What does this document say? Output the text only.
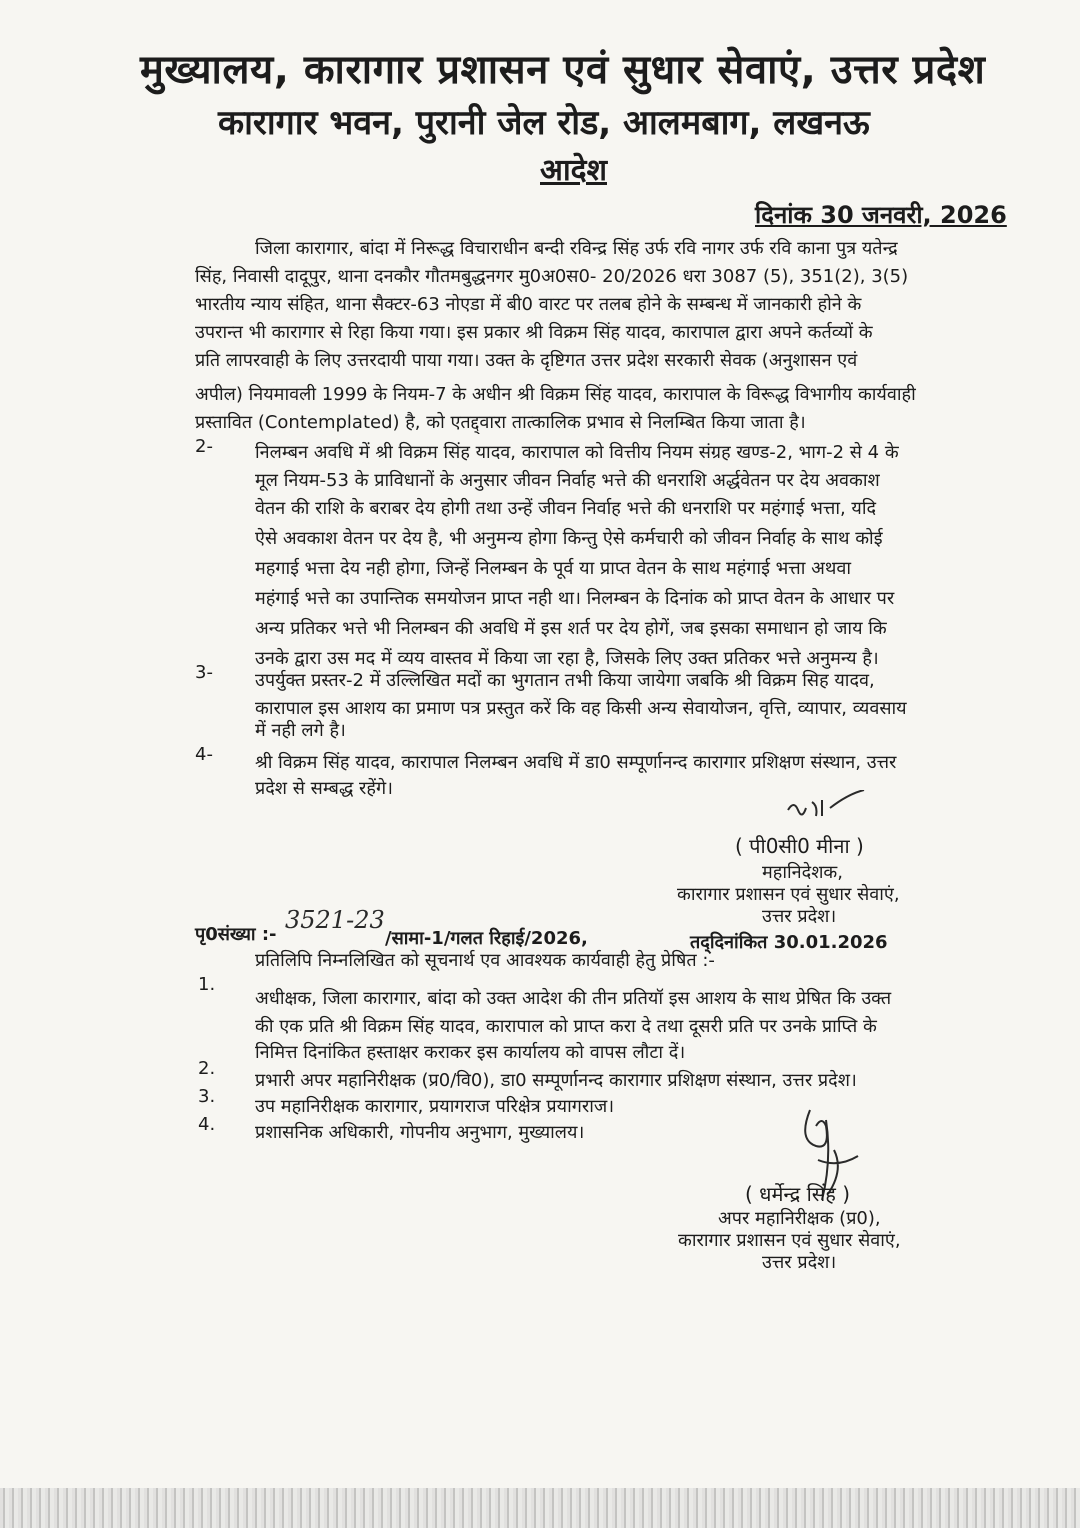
मुख्यालय, कारागार प्रशासन एवं सुधार सेवाएं, उत्तर प्रदेश
कारागार भवन, पुरानी जेल रोड, आलमबाग, लखनऊ
आदेश
दिनांक 30 जनवरी, 2026
जिला कारागार, बांदा में निरूद्ध विचाराधीन बन्दी रविन्द्र सिंह उर्फ रवि नागर उर्फ रवि काना पुत्र यतेन्द्र
सिंह, निवासी दादूपुर, थाना दनकौर गौतमबुद्धनगर मु0अ0स0- 20/2026 धरा 3087 (5), 351(2), 3(5)
भारतीय न्याय संहित, थाना सैक्टर-63 नोएडा में बी0 वारट पर तलब होने के सम्बन्ध में जानकारी होने के
उपरान्त भी कारागार से रिहा किया गया। इस प्रकार श्री विक्रम सिंह यादव, कारापाल द्वारा अपने कर्तव्यों के
प्रति लापरवाही के लिए उत्तरदायी पाया गया। उक्त के दृष्टिगत उत्तर प्रदेश सरकारी सेवक (अनुशासन एवं
अपील) नियमावली 1999 के नियम-7 के अधीन श्री विक्रम सिंह यादव, कारापाल के विरूद्ध विभागीय कार्यवाही
प्रस्तावित (Contemplated) है, को एतद्द्वारा तात्कालिक प्रभाव से निलम्बित किया जाता है।
2- निलम्बन अवधि में श्री विक्रम सिंह यादव, कारापाल को वित्तीय नियम संग्रह खण्ड-2, भाग-2 से 4 के
मूल नियम-53 के प्राविधानों के अनुसार जीवन निर्वाह भत्ते की धनराशि अर्द्धवेतन पर देय अवकाश
वेतन की राशि के बराबर देय होगी तथा उन्हें जीवन निर्वाह भत्ते की धनराशि पर महंगाई भत्ता, यदि
ऐसे अवकाश वेतन पर देय है, भी अनुमन्य होगा किन्तु ऐसे कर्मचारी को जीवन निर्वाह के साथ कोई
महगाई भत्ता देय नही होगा, जिन्हें निलम्बन के पूर्व या प्राप्त वेतन के साथ महंगाई भत्ता अथवा
महंगाई भत्ते का उपान्तिक समयोजन प्राप्त नही था। निलम्बन के दिनांक को प्राप्त वेतन के आधार पर
अन्य प्रतिकर भत्ते भी निलम्बन की अवधि में इस शर्त पर देय होगें, जब इसका समाधान हो जाय कि
उनके द्वारा उस मद में व्यय वास्तव में किया जा रहा है, जिसके लिए उक्त प्रतिकर भत्ते अनुमन्य है।
3- उपर्युक्त प्रस्तर-2 में उल्लिखित मदों का भुगतान तभी किया जायेगा जबकि श्री विक्रम सिह यादव,
कारापाल इस आशय का प्रमाण पत्र प्रस्तुत करें कि वह किसी अन्य सेवायोजन, वृत्ति, व्यापार, व्यवसाय
में नही लगे है।
4- श्री विक्रम सिंह यादव, कारापाल निलम्बन अवधि में डा0 सम्पूर्णानन्द कारागार प्रशिक्षण संस्थान, उत्तर
प्रदेश से सम्बद्ध रहेंगे।
( पी0सी0 मीना )
महानिदेशक,
कारागार प्रशासन एवं सुधार सेवाएं,
उत्तर प्रदेश।
पृ0संख्या :-
3521-23
/सामा-1/गलत रिहाई/2026,	तद्‌दिनांकित 30.01.2026
प्रतिलिपि निम्नलिखित को सूचनार्थ एव आवश्यक कार्यवाही हेतु प्रेषित :-
1.
अधीक्षक, जिला कारागार, बांदा को उक्त आदेश की तीन प्रतियॉ इस आशय के साथ प्रेषित कि उक्त
की एक प्रति श्री विक्रम सिंह यादव, कारापाल को प्राप्त करा दे तथा दूसरी प्रति पर उनके प्राप्ति के
निमित्त दिनांकित हस्ताक्षर कराकर इस कार्यालय को वापस लौटा दें।
2.
प्रभारी अपर महानिरीक्षक (प्र0/वि0), डा0 सम्पूर्णानन्द कारागार प्रशिक्षण संस्थान, उत्तर प्रदेश।
3. उप महानिरीक्षक कारागार, प्रयागराज परिक्षेत्र प्रयागराज।
4. प्रशासनिक अधिकारी, गोपनीय अनुभाग, मुख्यालय।
( धर्मेन्द्र सिंह )
अपर महानिरीक्षक (प्र0),
कारागार प्रशासन एवं सुधार सेवाएं,
उत्तर प्रदेश।
